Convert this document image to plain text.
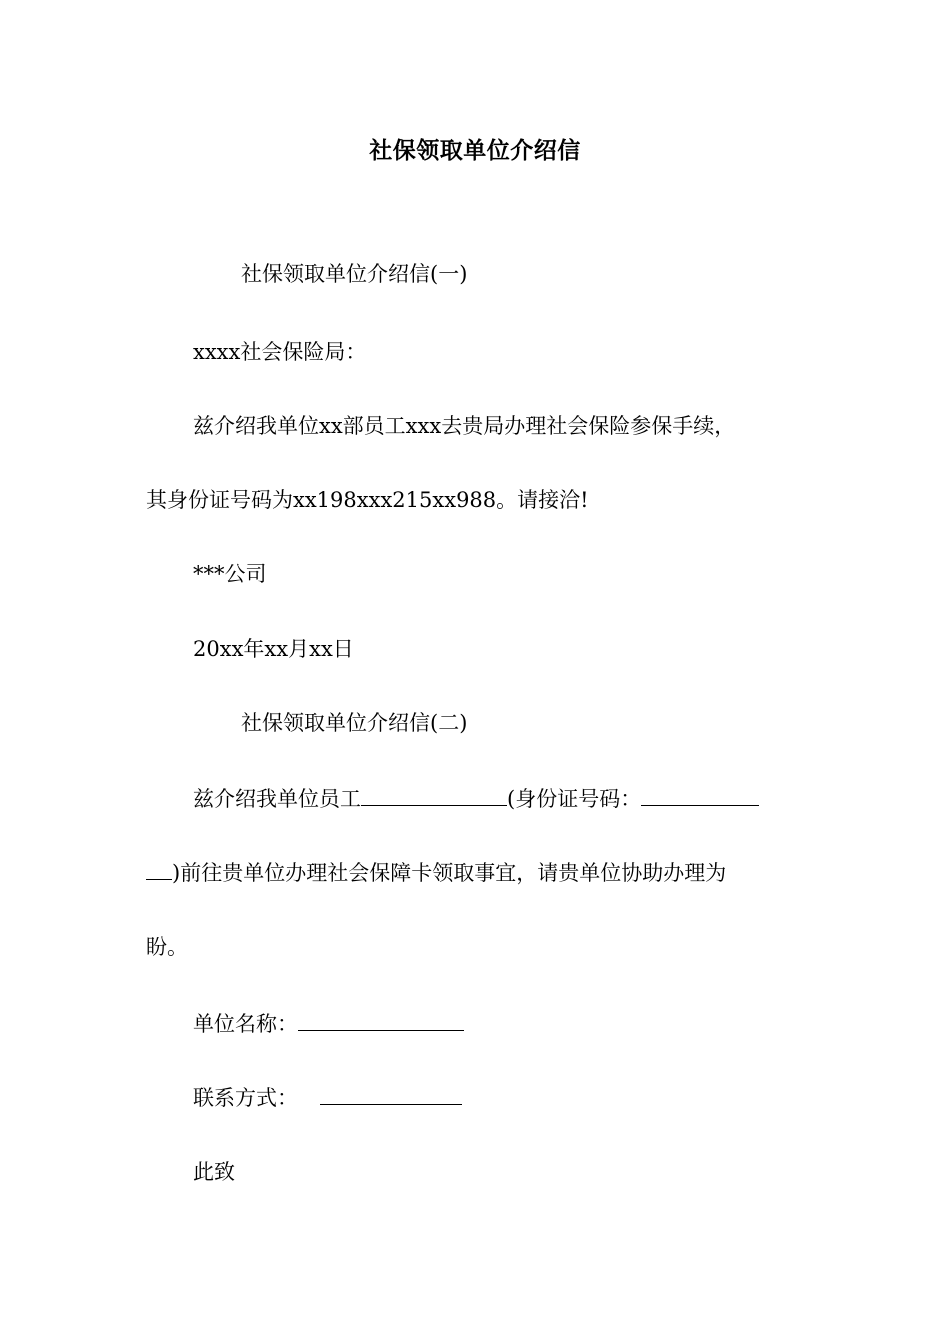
社保领取单位介绍信
社保领取单位介绍信(一)
xxxx社会保险局：
兹介绍我单位xx部员工xxx去贵局办理社会保险参保手续，
其身份证号码为xx198xxx215xx988。请接洽!
***公司
20xx年xx月xx日
社保领取单位介绍信(二)
兹介绍我单位员工	(身份证号码：
)前往贵单位办理社会保障卡领取事宜，请贵单位协助办理为
盼。
单位名称：
联系方式：
此致
